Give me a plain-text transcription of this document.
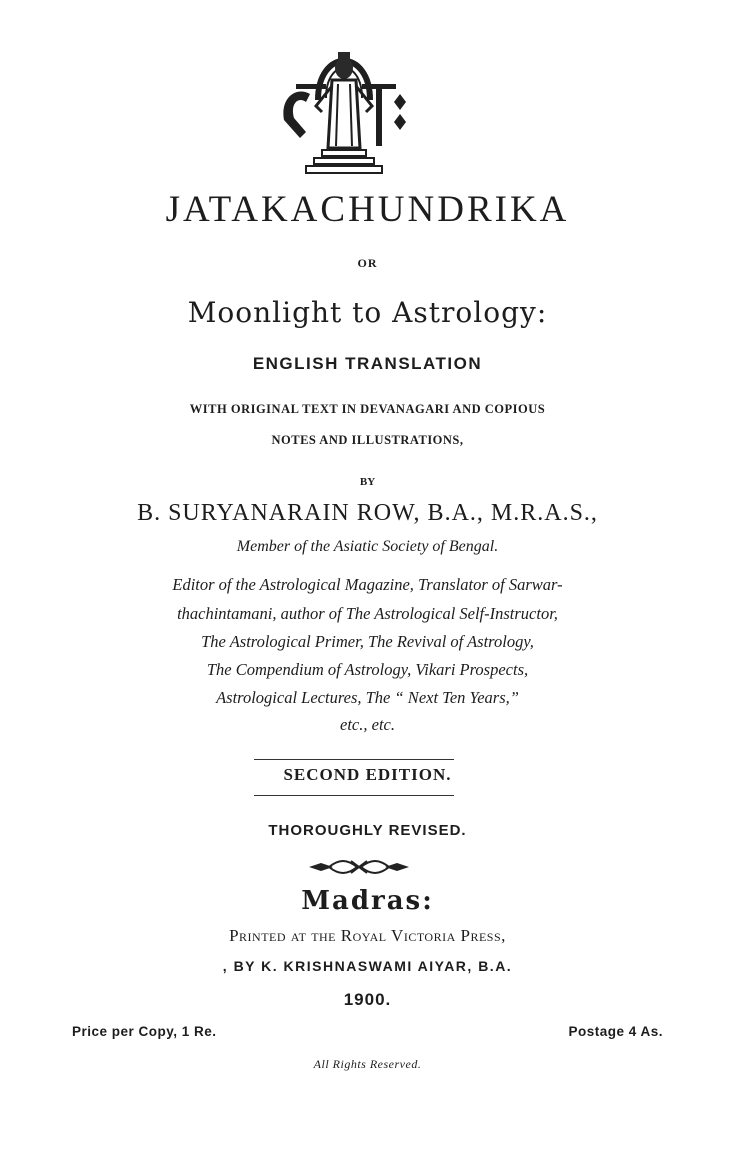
JATAKACHUNDRIKA

OR

Moonlight to Astrology:

ENGLISH TRANSLATION

WITH ORIGINAL TEXT IN DEVANAGARI AND COPIOUS

NOTES AND ILLUSTRATIONS,

BY

B. SURYANARAIN ROW, B.A., M.R.A.S.,

Member of the Asiatic Society of Bengal.

Editor of the Astrological Magazine, Translator of Sarwar-

thachintamani, author of The Astrological Self-Instructor,

The Astrological Primer, The Revival of Astrology,

The Compendium of Astrology, Vikari Prospects,

Astrological Lectures, The “ Next Ten Years,”

etc., etc.

SECOND EDITION.

THOROUGHLY REVISED.

Madras:

Printed at the Royal Victoria Press,

, BY K. KRISHNASWAMI AIYAR, B.A.

1900.

Price per Copy, 1 Re.	Postage 4 As.

All Rights Reserved.
